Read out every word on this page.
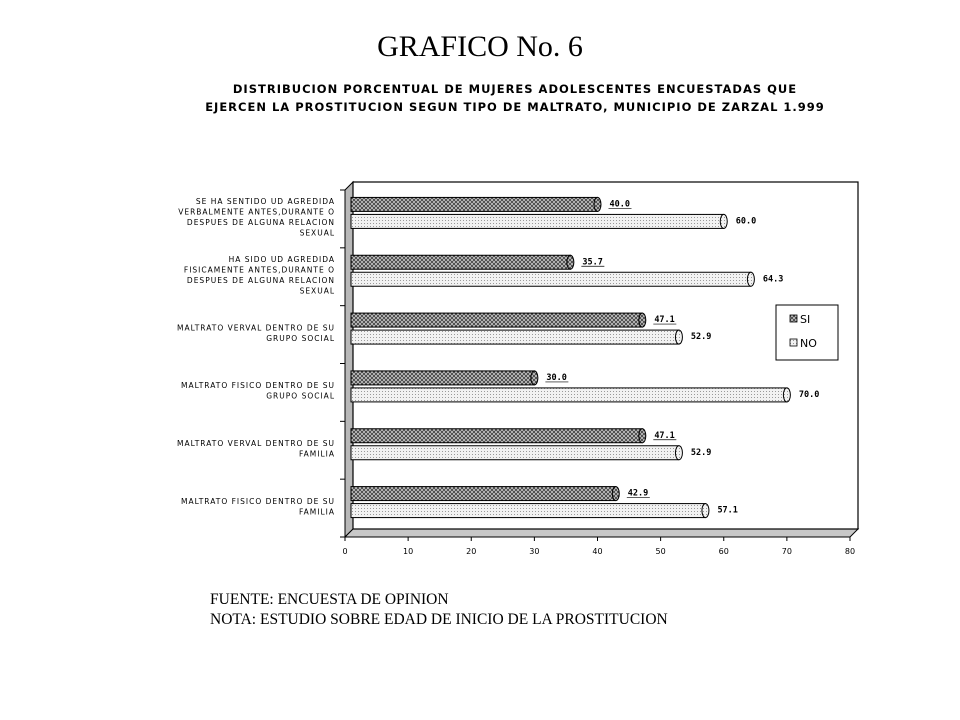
GRAFICO No. 6
DISTRIBUCION PORCENTUAL DE MUJERES ADOLESCENTES ENCUESTADAS QUE
EJERCEN LA PROSTITUCION SEGUN TIPO DE MALTRATO, MUNICIPIO DE ZARZAL 1.999
0	10	20	30	40	50	60	70	80
SE HA SENTIDO UD AGREDIDA
VERBALMENTE ANTES,DURANTE O
DESPUES DE ALGUNA RELACION
SEXUAL
40.0
60.0
HA SIDO UD AGREDIDA
FISICAMENTE ANTES,DURANTE O
DESPUES DE ALGUNA RELACION
SEXUAL
35.7
64.3
MALTRATO VERVAL DENTRO DE SU
GRUPO SOCIAL
47.1
52.9
MALTRATO FISICO DENTRO DE SU
GRUPO SOCIAL
30.0
70.0
MALTRATO VERVAL DENTRO DE SU
FAMILIA
47.1
52.9
MALTRATO FISICO DENTRO DE SU
FAMILIA
42.9
57.1
SI
NO
FUENTE: ENCUESTA DE OPINION
NOTA: ESTUDIO SOBRE EDAD DE INICIO DE LA PROSTITUCION
